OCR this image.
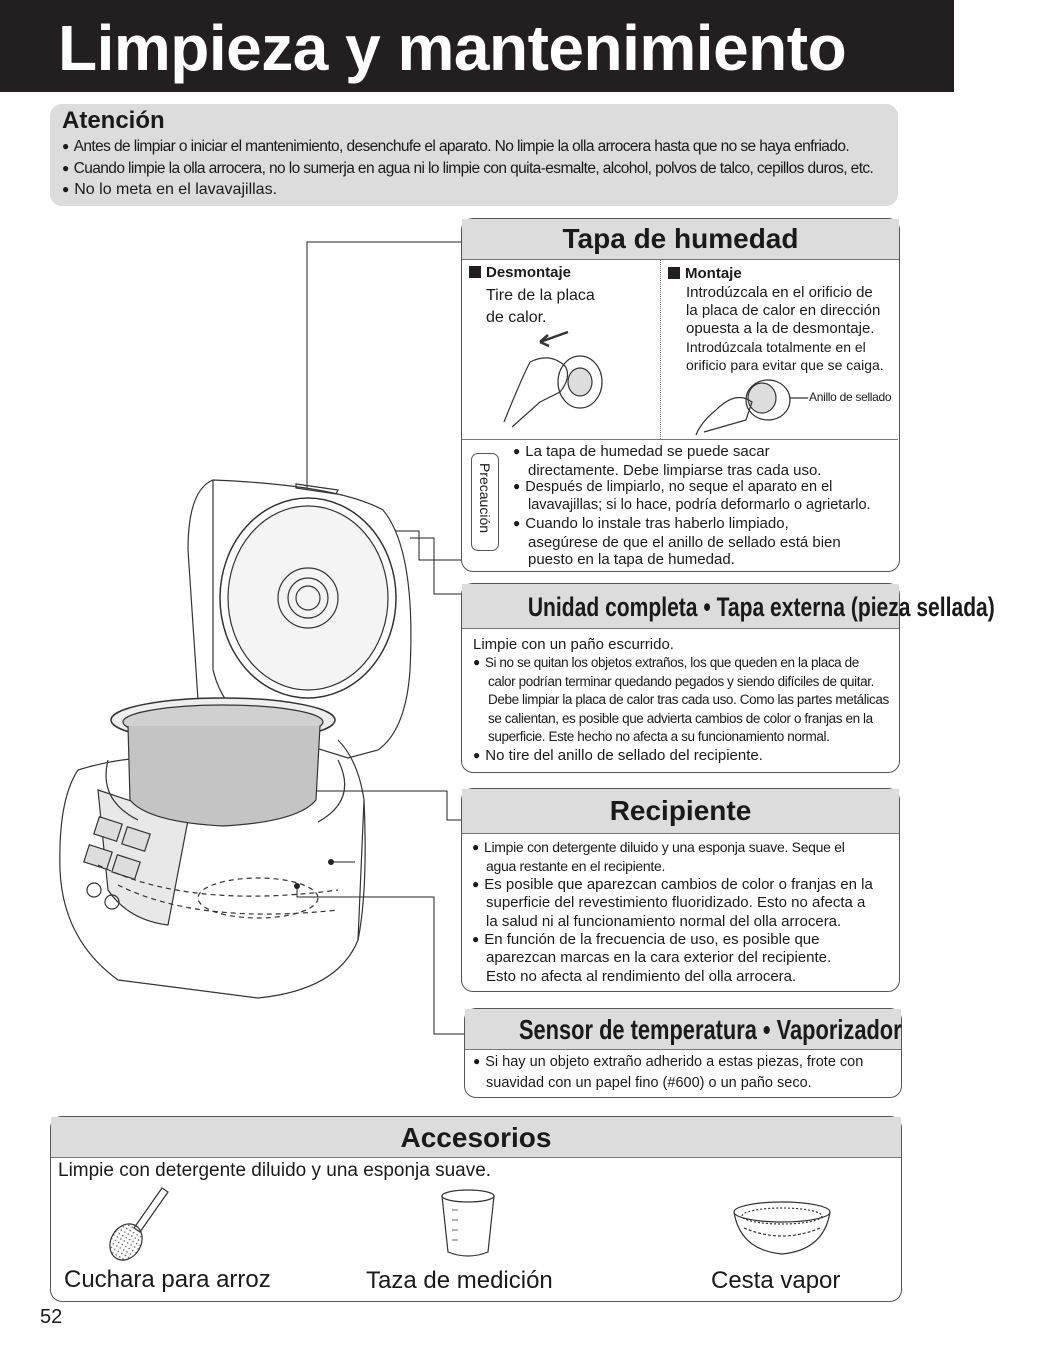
Limpieza y mantenimiento
Atención
● Antes de limpiar o iniciar el mantenimiento, desenchufe el aparato. No limpie la olla arrocera hasta que no se haya enfriado.
● Cuando limpie la olla arrocera, no lo sumerja en agua ni lo limpie con quita-esmalte, alcohol, polvos de talco, cepillos duros, etc.
● No lo meta en el lavavajillas.
Tapa de humedad
Desmontaje
Tire de la placa
de calor.
Montaje
Introdúzcala en el orificio de
la placa de calor en dirección
opuesta a la de desmontaje.
Introdúzcala totalmente en el
orificio para evitar que se caiga.
Anillo de sellado
Precaución
● La tapa de humedad se puede sacar
directamente. Debe limpiarse tras cada uso.
● Después de limpiarlo, no seque el aparato en el
lavavajillas; si lo hace, podría deformarlo o agrietarlo.
● Cuando lo instale tras haberlo limpiado,
asegúrese de que el anillo de sellado está bien
puesto en la tapa de humedad.
Unidad completa • Tapa externa (pieza sellada)
Limpie con un paño escurrido.
● Si no se quitan los objetos extraños, los que queden en la placa de
calor podrían terminar quedando pegados y siendo difíciles de quitar.
Debe limpiar la placa de calor tras cada uso. Como las partes metálicas
se calientan, es posible que advierta cambios de color o franjas en la
superficie. Este hecho no afecta a su funcionamiento normal.
● No tire del anillo de sellado del recipiente.
Recipiente
● Limpie con detergente diluido y una esponja suave. Seque el
agua restante en el recipiente.
● Es posible que aparezcan cambios de color o franjas en la
superficie del revestimiento fluoridizado. Esto no afecta a
la salud ni al funcionamiento normal del olla arrocera.
● En función de la frecuencia de uso, es posible que
aparezcan marcas en la cara exterior del recipiente.
Esto no afecta al rendimiento del olla arrocera.
Sensor de temperatura • Vaporizador
● Si hay un objeto extraño adherido a estas piezas, frote con
suavidad con un papel fino (#600) o un paño seco.
Accesorios
Limpie con detergente diluido y una esponja suave.
Cuchara para arroz	Taza de medición	Cesta vapor
52
